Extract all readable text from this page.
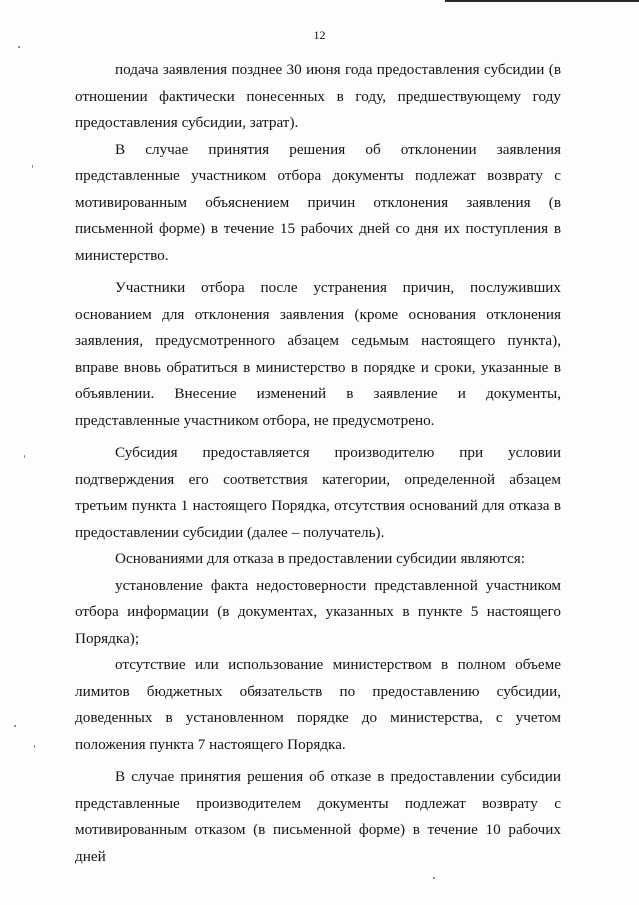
12

подача заявления позднее 30 июня года предоставления субсидии (в отношении фактически понесенных в году, предшествующему году предоставления субсидии, затрат).

В случае принятия решения об отклонении заявления представленные участником отбора документы подлежат возврату с мотивированным объяснением причин отклонения заявления (в письменной форме) в течение 15 рабочих дней со дня их поступления в министерство.

Участники отбора после устранения причин, послуживших основанием для отклонения заявления (кроме основания отклонения заявления, предусмотренного абзацем седьмым настоящего пункта), вправе вновь обратиться в министерство в порядке и сроки, указанные в объявлении. Внесение изменений в заявление и документы, представленные участником отбора, не предусмотрено.

Субсидия предоставляется производителю при условии подтверждения его соответствия категории, определенной абзацем третьим пункта 1 настоящего Порядка, отсутствия оснований для отказа в предоставлении субсидии (далее – получатель).

Основаниями для отказа в предоставлении субсидии являются:

установление факта недостоверности представленной участником отбора информации (в документах, указанных в пункте 5 настоящего Порядка);

отсутствие или использование министерством в полном объеме лимитов бюджетных обязательств по предоставлению субсидии, доведенных в установленном порядке до министерства, с учетом положения пункта 7 настоящего Порядка.

В случае принятия решения об отказе в предоставлении субсидии представленные производителем документы подлежат возврату с мотивированным отказом (в письменной форме) в течение 10 рабочих дней
